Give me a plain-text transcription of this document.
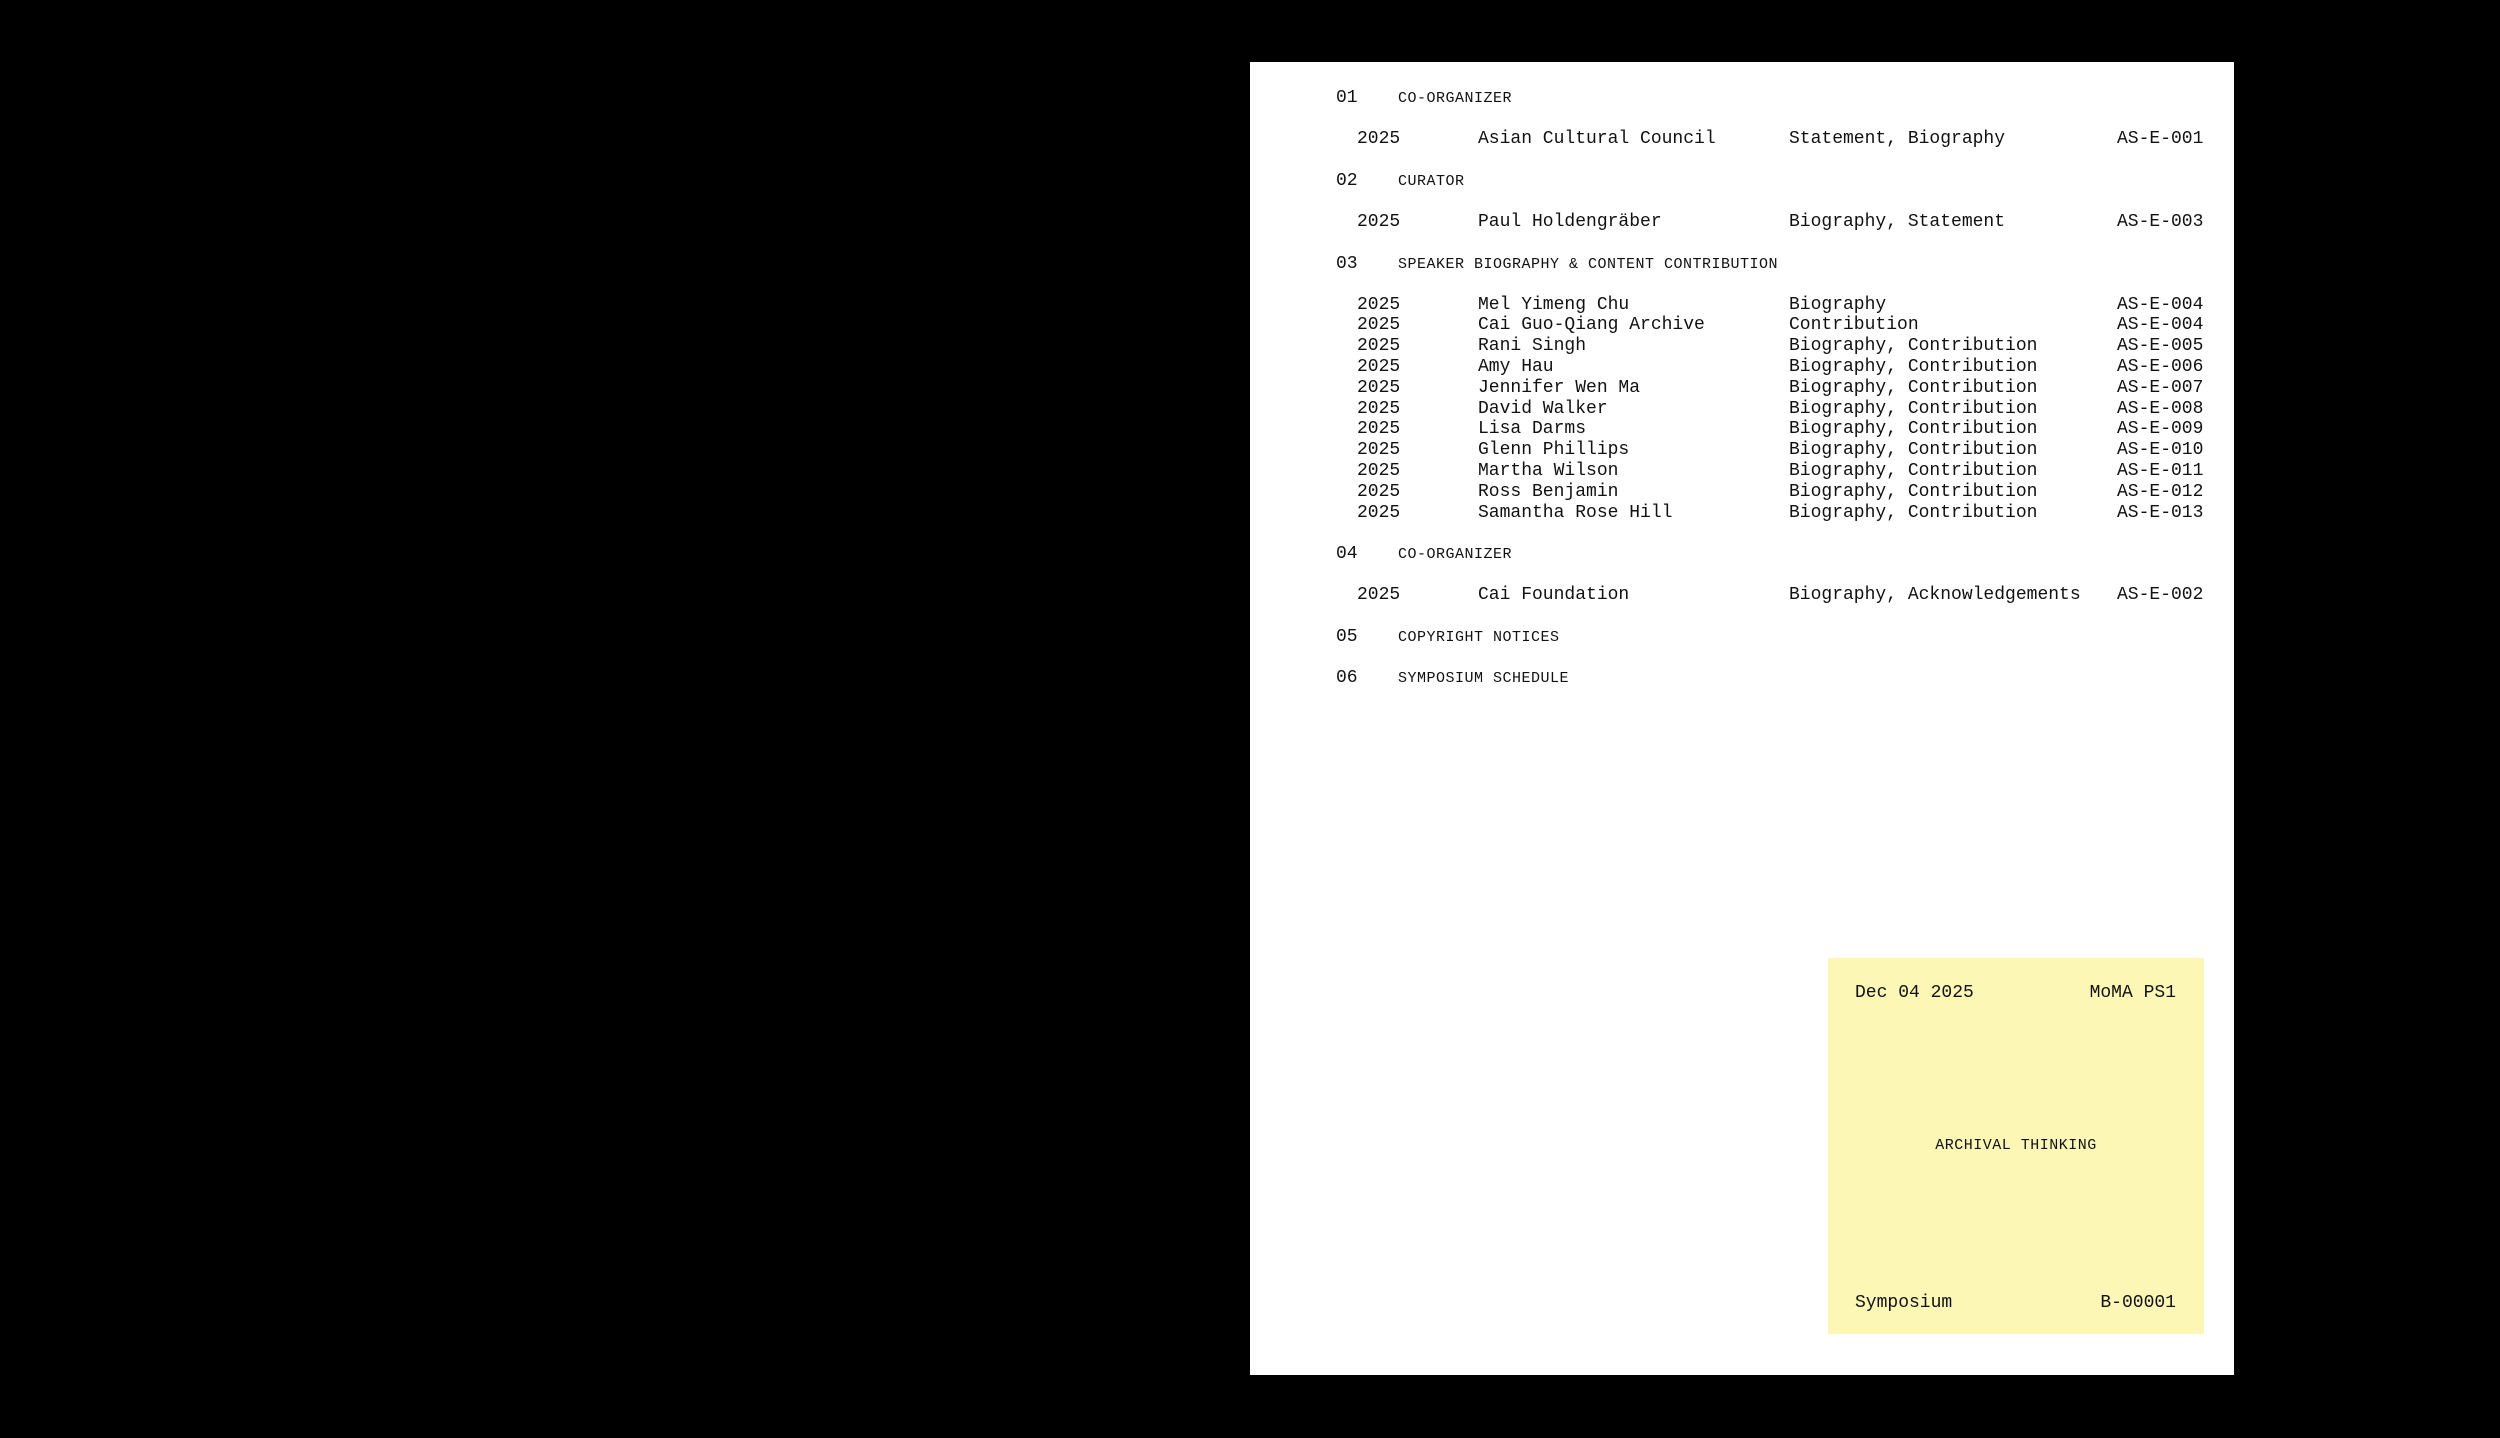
01	CO-ORGANIZER
2025	Asian Cultural Council	Statement, Biography	AS-E-001
02	CURATOR
2025	Paul Holdengräber	Biography, Statement	AS-E-003
03	SPEAKER BIOGRAPHY & CONTENT CONTRIBUTION
2025	Mel Yimeng Chu	Biography	AS-E-004
2025	Cai Guo-Qiang Archive	Contribution	AS-E-004
2025	Rani Singh	Biography, Contribution	AS-E-005
2025	Amy Hau	Biography, Contribution	AS-E-006
2025	Jennifer Wen Ma	Biography, Contribution	AS-E-007
2025	David Walker	Biography, Contribution	AS-E-008
2025	Lisa Darms	Biography, Contribution	AS-E-009
2025	Glenn Phillips	Biography, Contribution	AS-E-010
2025	Martha Wilson	Biography, Contribution	AS-E-011
2025	Ross Benjamin	Biography, Contribution	AS-E-012
2025	Samantha Rose Hill	Biography, Contribution	AS-E-013
04	CO-ORGANIZER
2025	Cai Foundation	Biography, Acknowledgements AS-E-002
05	COPYRIGHT NOTICES
06	SYMPOSIUM SCHEDULE
Dec 04 2025	MoMA PS1
ARCHIVAL THINKING
Symposium	B-00001
